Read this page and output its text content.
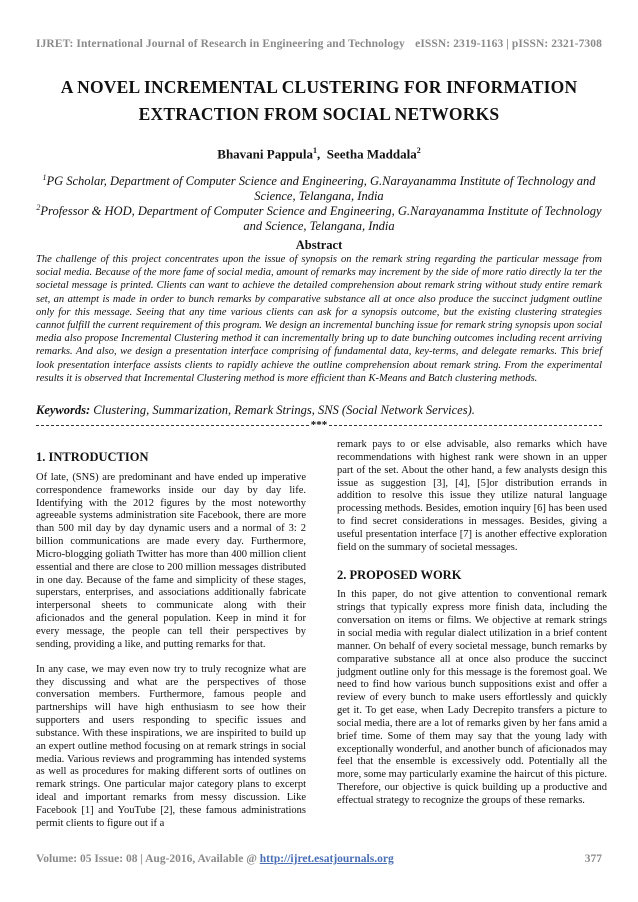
IJRET: International Journal of Research in Engineering and Technology eISSN: 2319-1163 | pISSN: 2321-7308
A NOVEL INCREMENTAL CLUSTERING FOR INFORMATION
EXTRACTION FROM SOCIAL NETWORKS
Bhavani Pappula$^1$,  Seetha Maddala$^2$
$^1$PG Scholar, Department of Computer Science and Engineering, G.Narayanamma Institute of Technology and Science, Telangana, India
$^2$Professor & HOD, Department of Computer Science and Engineering, G.Narayanamma Institute of Technology and Science, Telangana, India
Abstract
The challenge of this project concentrates upon the issue of synopsis on the remark string regarding the particular message from social media. Because of the more fame of social media, amount of remarks may increment by the side of more ratio directly la ter the societal message is printed. Clients can want to achieve the detailed comprehension about remark string without study entire remark set, an attempt is made in order to bunch remarks by comparative substance all at once also produce the succinct judgment outline only for this message. Seeing that any time various clients can ask for a synopsis outcome, but the existing clustering strategies cannot fulfill the current requirement of this program. We design an incremental bunching issue for remark string synopsis upon social media also propose Incremental Clustering method it can incrementally bring up to date bunching outcomes including recent arriving remarks. And also, we design a presentation interface comprising of fundamental data, key-terms, and delegate remarks. This brief look presentation interface assists clients to rapidly achieve the outline comprehension about remark string. From the experimental results it is observed that Incremental Clustering method is more efficient than K-Means and Batch clustering methods.
Keywords: Clustering, Summarization, Remark Strings, SNS (Social Network Services).
***
1. INTRODUCTION

Of late, (SNS) are predominant and have ended up imperative correspondence frameworks inside our day by day life. Identifying with the 2012 figures by the most noteworthy agreeable systems administration site Facebook, there are more than 500 mil day by day dynamic users and a normal of 3: 2 billion communications are made every day. Furthermore, Micro-blogging goliath Twitter has more than 400 million client essential and there are close to 200 million messages distributed in one day. Because of the fame and simplicity of these stages, superstars, enterprises, and associations additionally fabricate interpersonal sheets to communicate along with their aficionados and the general population. Keep in mind it for every message, the people can tell their perspectives by sending, providing a like, and putting remarks for that.

In any case, we may even now try to truly recognize what are they discussing and what are the perspectives of those conversation members. Furthermore, famous people and partnerships will have high enthusiasm to see how their supporters and users responding to specific issues and substance. With these inspirations, we are inspirited to build up an expert outline method focusing on at remark strings in social media. Various reviews and programming has intended systems as well as procedures for making different sorts of outlines on remark strings. One particular major category plans to excerpt ideal and important remarks from messy discussion. Like Facebook [1] and YouTube [2], these famous administrations permit clients to figure out if a

remark pays to or else advisable, also remarks which have recommendations with highest rank were shown in an upper part of the set. About the other hand, a few analysts design this issue as suggestion [3], [4], [5]or distribution errands in addition to resolve this issue they utilize natural language processing methods. Besides, emotion inquiry [6] has been used to find secret considerations in messages. Besides, giving a useful presentation interface [7] is another effective exploration field on the summary of societal messages.

2. PROPOSED WORK

In this paper, do not give attention to conventional remark strings that typically express more finish data, including the conversation on items or films. We objective at remark strings in social media with regular dialect utilization in a brief content manner. On behalf of every societal message, bunch remarks by comparative substance all at once also produce the succinct judgment outline only for this message is the foremost goal. We need to find how various bunch suppositions exist and offer a review of every bunch to make users effortlessly and quickly get it. To get ease, when Lady Decrepito transfers a picture to social media, there are a lot of remarks given by her fans amid a brief time. Some of them may say that the young lady with exceptionally wonderful, and another bunch of aficionados may feel that the ensemble is excessively odd. Potentially all the more, some may particularly examine the haircut of this picture. Therefore, our objective is quick building up a productive and effectual strategy to recognize the groups of these remarks.

Volume: 05 Issue: 08 | Aug-2016, Available @ http://ijret.esatjournals.org	377
